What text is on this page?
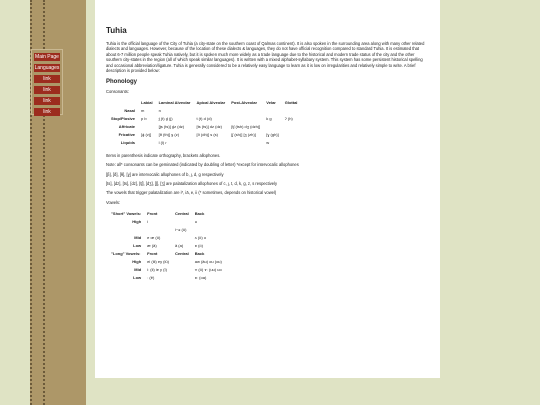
Main Page
Languages
link
link
link
link
Tuhia

Tuhia is the official language of the City of Tuhia (a city-state on the southern coast of Qalmas continent). It is also spoken in the surrounding area along with many other related dialects and languages. However, because of the location of these dialects & languages, they do not have official recognition compared to standard Tuhia. It is estimated that about 6-7 million people speak Tuhia natively, but it is spoken much more widely as a trade language due to the historical and modern trade status of the city and the other southern city-states in the region (all of which speak similar languages). It is written with a mixed alphabet-syllabary system. This system has some persistent historical spelling and occasional abbreviation/ligature. Tuhia is generally considered to be a relatively easy language to learn as it is low on irregularities and relatively simple to write. A brief description is provided below:

Phonology
Consonants:
	Labial	Laminal Alveolar	Apical Alveolar	Post-Alveolar	Velar	Glottal
Nasal	m	n				
Stop/Plosive	p b	t̪ (t) d̪ (j)	t (t) d (d)		k g	ʔ (h)
Affricate		[t̪s (ts)] d̪z (dz)	[ts (ts)] dz (dz)	[tʃ (tsh) dʒ (dzh)]		
Fricative	[ɸ (v)]	[θ (th)] s̪ (z)	[ð (dh)] s (s)	[ʃ (sh)] [ʒ (zh)]	[ɣ (gh)]	
Liquids		l (l) ɾ			w	
Items in parenthesis indicate orthography, brackets allophones.
Note: all* consonants can be geminated (indicated by doubling of letter) *except for intervocalic allophones
[β], [ð], [θ], [ɣ] are intervocalic allophones of b, ȷ, d, g respectively
[ts], [dz], [ts], [dz], [tʃ], [dʒ], [ʃ], [ʒ] are palatalization allophones of c, ȷ, t, d, k, g, z, s respectively
The vowels that trigger palatalization are i*, iä, e, ii (* sometimes, depends on historical vowel)
Vowels:
"Short" Vowels:	Front	Central	Back
High	i		u
		i~ə (ü)	
Mid	e œ (ö)		ʌ (ö) o
Low	æ (ä)	ä (a)	ɒ (ó)
"Long" Vowels:	Front	Central	Back
High	ei (iii) ey (iü)		aw (äu) ou (ou)
Mid	iː (ii) ie y (ī)		ɤ (ö) ɤː (uu) uo
Low	ː (ē)		ɒː (oa)
